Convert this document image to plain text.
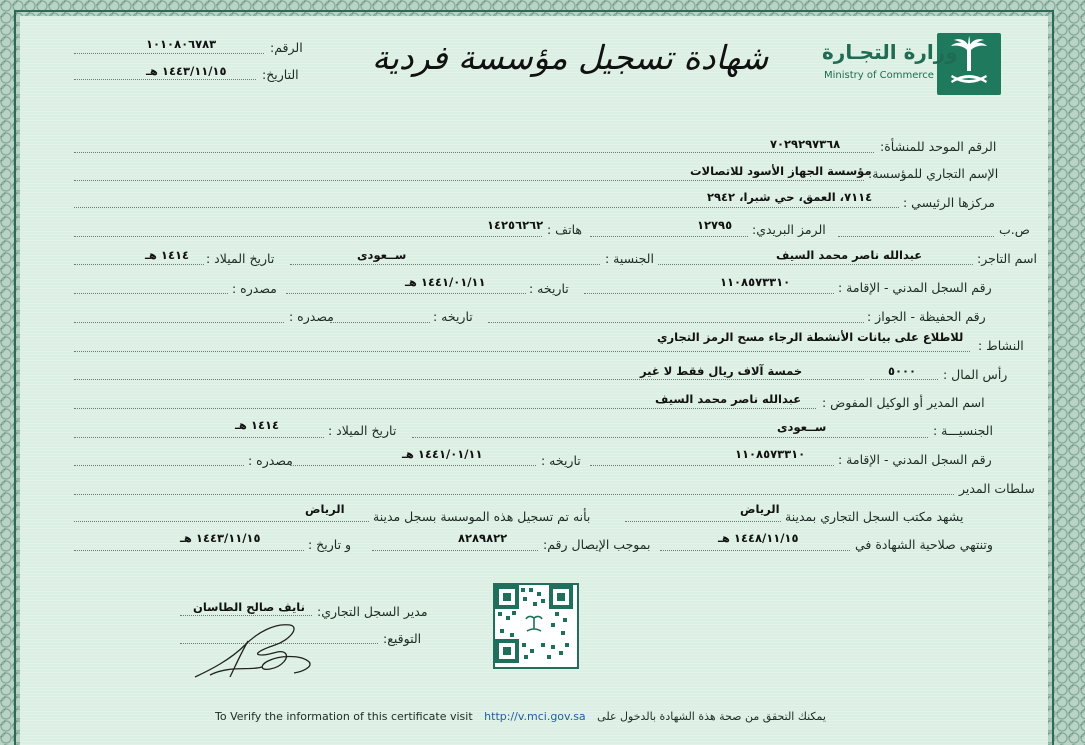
وزارة التجـارة
Ministry of Commerce
شهادة تسجيل مؤسسة فردية
الرقم:
١٠١٠٨٠٦٧٨٣
التاريخ:
١٤٤٣/١١/١٥ هـ
الرقم الموحد للمنشأة:
٧٠٢٩٢٩٧٣٦٨
الإسم التجاري للمؤسسة:
مؤسسة الجهاز الأسود للاتصالات
مركزها الرئيسي :
٧١١٤، العمق، حي شبرا، ٢٩٤٢
ص.ب
الرمز البريدي:
١٢٧٩٥
هاتف :
١٤٢٥٦٢٦٢
اسم التاجر:
عبدالله ناصر محمد السيف
الجنسية :
ســعودى
تاريخ الميلاد :
١٤١٤ هـ
رقم السجل المدني - الإقامة :
١١٠٨٥٧٣٣١٠
تاريخه :
١٤٤١/٠١/١١ هـ
مصدره :
رقم الحفيظة - الجواز :
تاريخه :
مصدره :
النشاط :
للاطلاع على بيانات الأنشطة الرجاء مسح الرمز التجاري
رأس المال :
٥٠٠٠
خمسة آلاف ريال فقط لا غير
اسم المدير أو الوكيل المفوض :
عبدالله ناصر محمد السيف
الجنسيـــة :
ســعودى
تاريخ الميلاد :
١٤١٤ هـ
رقم السجل المدني - الإقامة :
١١٠٨٥٧٣٣١٠
تاريخه :
١٤٤١/٠١/١١ هـ
مصدره :
سلطات المدير
يشهد مكتب السجل التجاري بمدينة
الرياض
بأنه تم تسجيل هذه الموسسة بسجل مدينة
الرياض
وتنتهي صلاحية الشهادة في
١٤٤٨/١١/١٥ هـ
بموجب الإيصال رقم:
٨٢٨٩٨٢٢
و تاريخ :
١٤٤٣/١١/١٥ هـ
مدير السجل التجاري:
نايف صالح الطاسان
التوقيع:
To Verify the information of this certificate visit http://v.mci.gov.sa يمكنك التحقق من صحة هذة الشهادة بالدخول على
